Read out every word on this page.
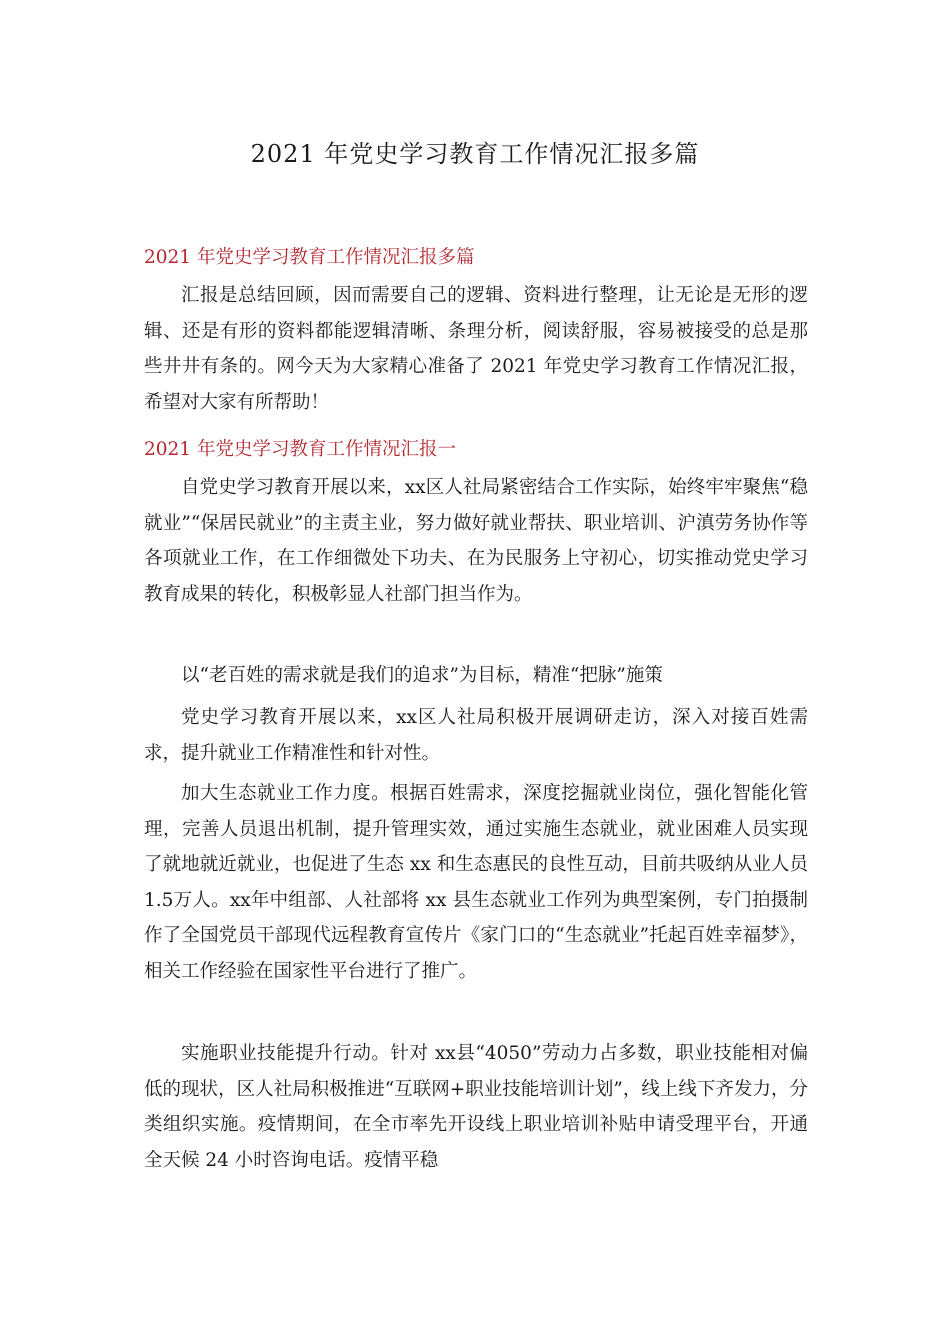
2021 年党史学习教育工作情况汇报多篇
2021 年党史学习教育工作情况汇报多篇

汇报是总结回顾，因而需要自己的逻辑、资料进行整理，让无论是无形的逻辑、还是有形的资料都能逻辑清晰、条理分析，阅读舒服，容易被接受的总是那些井井有条的。网今天为大家精心准备了 2021 年党史学习教育工作情况汇报，希望对大家有所帮助！

2021 年党史学习教育工作情况汇报一

自党史学习教育开展以来，xx区人社局紧密结合工作实际，始终牢牢聚焦“稳就业”“保居民就业”的主责主业，努力做好就业帮扶、职业培训、沪滇劳务协作等各项就业工作，在工作细微处下功夫、在为民服务上守初心，切实推动党史学习教育成果的转化，积极彰显人社部门担当作为。

以“老百姓的需求就是我们的追求”为目标，精准“把脉”施策

党史学习教育开展以来，xx区人社局积极开展调研走访，深入对接百姓需求，提升就业工作精准性和针对性。

加大生态就业工作力度。根据百姓需求，深度挖掘就业岗位，强化智能化管理，完善人员退出机制，提升管理实效，通过实施生态就业，就业困难人员实现了就地就近就业，也促进了生态 xx 和生态惠民的良性互动，目前共吸纳从业人员 1.5万人。xx年中组部、人社部将 xx 县生态就业工作列为典型案例，专门拍摄制作了全国党员干部现代远程教育宣传片《家门口的“生态就业”托起百姓幸福梦》，相关工作经验在国家性平台进行了推广。

实施职业技能提升行动。针对 xx县“4050”劳动力占多数，职业技能相对偏低的现状，区人社局积极推进“互联网+职业技能培训计划”，线上线下齐发力，分类组织实施。疫情期间，在全市率先开设线上职业培训补贴申请受理平台，开通全天候 24 小时咨询电话。疫情平稳
